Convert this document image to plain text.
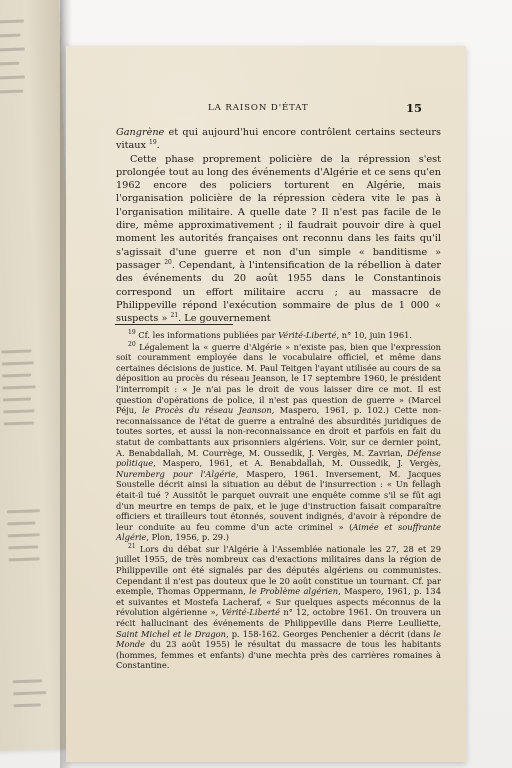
LA RAISON D'ÉTAT	15

Gangrène et qui aujourd'hui encore contrôlent certains secteurs vitaux $^{19}$.

Cette phase proprement policière de la répression s'est prolongée tout au long des événements d'Algérie et ce sens qu'en 1962 encore des policiers torturent en Algérie, mais l'organisation policière de la répression cèdera vite le pas à l'organisation militaire. A quelle date ? Il n'est pas facile de le dire, même approximativement ; il faudrait pouvoir dire à quel moment les autorités françaises ont reconnu dans les faits qu'il s'agissait d'une guerre et non d'un simple « banditisme » passager $^{20}$. Cependant, à l'intensification de la rébellion à dater des événements du 20 août 1955 dans le Constantinois correspond un effort militaire accru ; au massacre de Philippeville répond l'exécution sommaire de plus de 1 000 « suspects » $^{21}$. Le gouvernement

$^{19}$ Cf. les informations publiées par Vérité-Liberté, n° 10, juin 1961.

$^{20}$ Légalement la « guerre d'Algérie » n'existe pas, bien que l'expression soit couramment employée dans le vocabulaire officiel, et même dans certaines décisions de justice. M. Paul Teitgen l'ayant utilisée au cours de sa déposition au procès du réseau Jeanson, le 17 septembre 1960, le président l'interrompit : « Je n'ai pas le droit de vous laisser dire ce mot. Il est question d'opérations de police, il n'est pas question de guerre » (Marcel Péju, le Procès du réseau Jeanson, Maspero, 1961, p. 102.) Cette non-reconnaissance de l'état de guerre a entraîné des absurdités juridiques de toutes sortes, et aussi la non-reconnaissance en droit et parfois en fait du statut de combattants aux prisonniers algériens. Voir, sur ce dernier point, A. Benabdallah, M. Courrège, M. Oussedik, J. Vergès, M. Zavrian, Défense politique, Maspero, 1961, et A. Benabdallah, M. Oussedik, J. Vergès, Nuremberg pour l'Algérie, Maspero, 1961. Inversement, M. Jacques Soustelle décrit ainsi la situation au début de l'insurrection : « Un fellagh était-il tué ? Aussitôt le parquet ouvrait une enquête comme s'il se fût agi d'un meurtre en temps de paix, et le juge d'instruction faisait comparaître officiers et tirailleurs tout étonnés, souvent indignés, d'avoir à répondre de leur conduite au feu comme d'un acte criminel » (Aimée et souffrante Algérie, Plon, 1956, p. 29.)

$^{21}$ Lors du débat sur l'Algérie à l'Assemblée nationale les 27, 28 et 29 juillet 1955, de très nombreux cas d'exactions militaires dans la région de Philippeville ont été signalés par des députés algériens ou communistes. Cependant il n'est pas douteux que le 20 août constitue un tournant. Cf. par exemple, Thomas Oppermann, le Problème algérien, Maspero, 1961, p. 134 et suivantes et Mostefa Lacheraf, « Sur quelques aspects méconnus de la révolution algérienne », Vérité-Liberté n° 12, octobre 1961. On trouvera un récit hallucinant des événements de Philippeville dans Pierre Leulliette, Saint Michel et le Dragon, p. 158-162. Georges Penchenier a décrit (dans le Monde du 23 août 1955) le résultat du massacre de tous les habitants (hommes, femmes et enfants) d'une mechta près des carrières romaines à Constantine.
